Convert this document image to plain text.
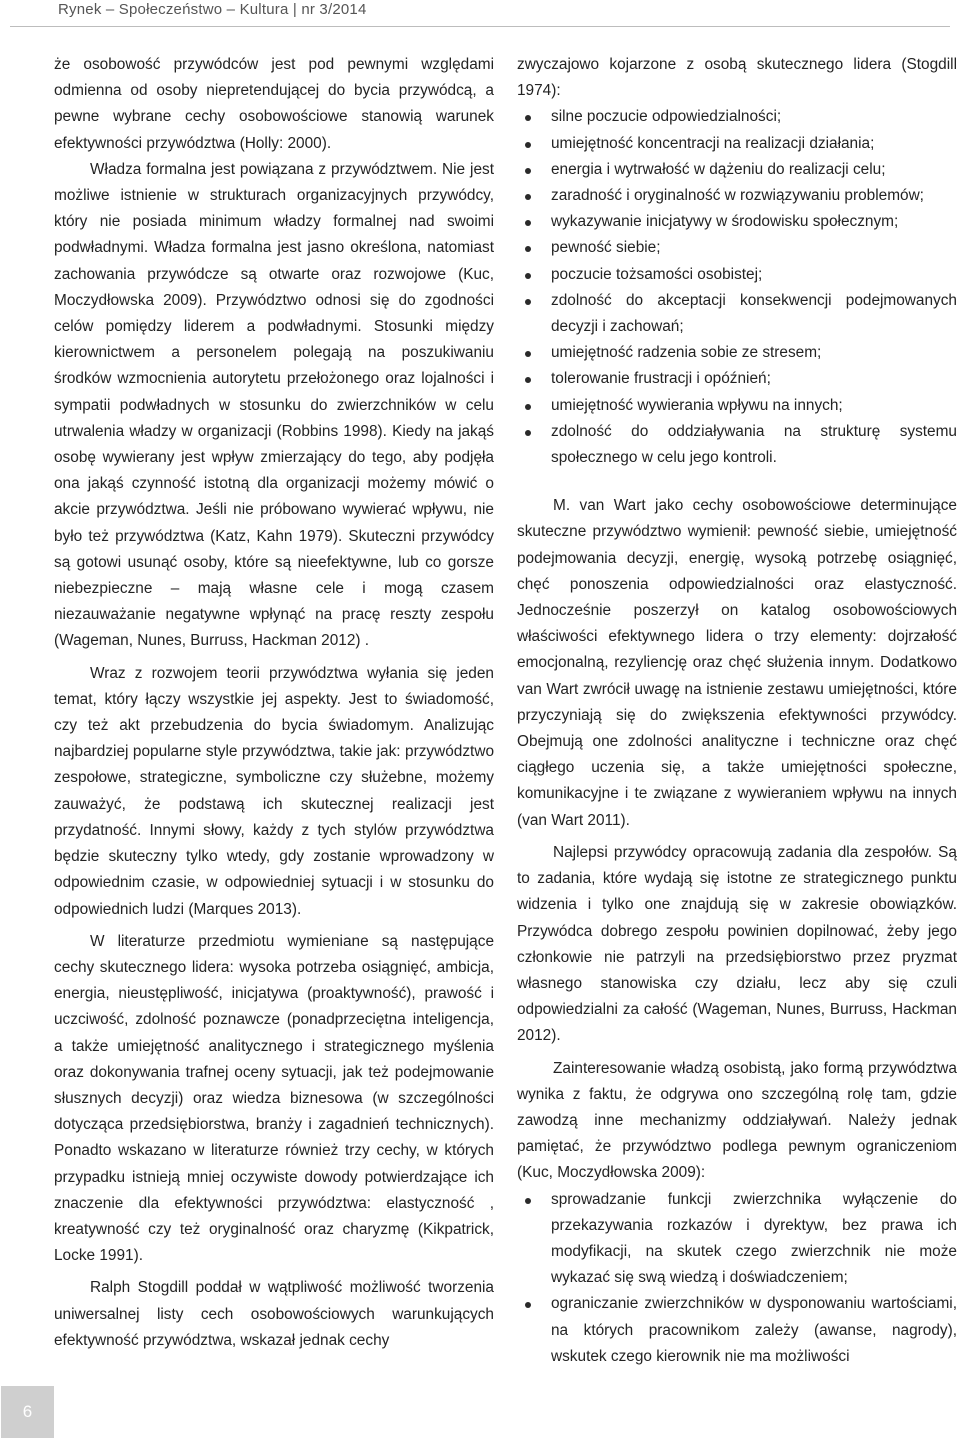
Rynek – Społeczeństwo – Kultura | nr 3/2014

że osobowość przywódców jest pod pewnymi względami odmienna od osoby niepretendującej do bycia przywódcą, a pewne wybrane cechy osobowościowe stanowią warunek efektywności przywództwa (Holly: 2000).

Władza formalna jest powiązana z przywództwem. Nie jest możliwe istnienie w strukturach organizacyjnych przywódcy, który nie posiada minimum władzy formalnej nad swoimi podwładnymi. Władza formalna jest jasno określona, natomiast zachowania przywódcze są otwarte oraz rozwojowe (Kuc, Moczydłowska 2009). Przywództwo odnosi się do zgodności celów pomiędzy liderem a podwładnymi. Stosunki między kierownictwem a personelem polegają na poszukiwaniu środków wzmocnienia autorytetu przełożonego oraz lojalności i sympatii podwładnych w stosunku do zwierzchników w celu utrwalenia władzy w organizacji (Robbins 1998). Kiedy na jakąś osobę wywierany jest wpływ zmierzający do tego, aby podjęła ona jakąś czynność istotną dla organizacji możemy mówić o akcie przywództwa. Jeśli nie próbowano wywierać wpływu, nie było też przywództwa (Katz, Kahn 1979). Skuteczni przywódcy są gotowi usunąć osoby, które są nieefektywne, lub co gorsze niebezpieczne – mają własne cele i mogą czasem niezauważanie negatywne wpłynąć na pracę reszty zespołu (Wageman, Nunes, Burruss, Hackman 2012) .

Wraz z rozwojem teorii przywództwa wyłania się jeden temat, który łączy wszystkie jej aspekty. Jest to świadomość, czy też akt przebudzenia do bycia świadomym. Analizując najbardziej popularne style przywództwa, takie jak: przywództwo zespołowe, strategiczne, symboliczne czy służebne, możemy zauważyć, że podstawą ich skutecznej realizacji jest przydatność. Innymi słowy, każdy z tych stylów przywództwa będzie skuteczny tylko wtedy, gdy zostanie wprowadzony w odpowiednim czasie, w odpowiedniej sytuacji i w stosunku do odpowiednich ludzi (Marques 2013).

W literaturze przedmiotu wymieniane są następujące cechy skutecznego lidera: wysoka potrzeba osiągnięć, ambicja, energia, nieustępliwość, inicjatywa (proaktywność), prawość i uczciwość, zdolność poznawcze (ponadprzeciętna inteligencja, a także umiejętność analitycznego i strategicznego myślenia oraz dokonywania trafnej oceny sytuacji, jak też podejmowanie słusznych decyzji) oraz wiedza biznesowa (w szczególności dotycząca przedsiębiorstwa, branży i zagadnień technicznych). Ponadto wskazano w literaturze również trzy cechy, w których przypadku istnieją mniej oczywiste dowody potwierdzające ich znaczenie dla efektywności przywództwa: elastyczność , kreatywność czy też oryginalność oraz charyzmę (Kikpatrick, Locke 1991).

Ralph Stogdill poddał w wątpliwość możliwość tworzenia uniwersalnej listy cech osobowościowych warunkujących efektywność przywództwa, wskazał jednak cechy

zwyczajowo kojarzone z osobą skutecznego lidera (Stogdill 1974):

silne poczucie odpowiedzialności;
umiejętność koncentracji na realizacji działania;
energia i wytrwałość w dążeniu do realizacji celu;
zaradność i oryginalność w rozwiązywaniu problemów;
wykazywanie inicjatywy w środowisku społecznym;
pewność siebie;
poczucie tożsamości osobistej;
zdolność do akceptacji konsekwencji podejmowanych decyzji i zachowań;
umiejętność radzenia sobie ze stresem;
tolerowanie frustracji i opóźnień;
umiejętność wywierania wpływu na innych;
zdolność do oddziaływania na strukturę systemu społecznego w celu jego kontroli.

M. van Wart jako cechy osobowościowe determinujące skuteczne przywództwo wymienił: pewność siebie, umiejętność podejmowania decyzji, energię, wysoką potrzebę osiągnięć, chęć ponoszenia odpowiedzialności oraz elastyczność. Jednocześnie poszerzył on katalog osobowościowych właściwości efektywnego lidera o trzy elementy: dojrzałość emocjonalną, rezyliencję oraz chęć służenia innym. Dodatkowo van Wart zwrócił uwagę na istnienie zestawu umiejętności, które przyczyniają się do zwiększenia efektywności przywódcy. Obejmują one zdolności analityczne i techniczne oraz chęć ciągłego uczenia się, a także umiejętności społeczne, komunikacyjne i te związane z wywieraniem wpływu na innych (van Wart 2011).

Najlepsi przywódcy opracowują zadania dla zespołów. Są to zadania, które wydają się istotne ze strategicznego punktu widzenia i tylko one znajdują się w zakresie obowiązków. Przywódca dobrego zespołu powinien dopilnować, żeby jego członkowie nie patrzyli na przedsiębiorstwo przez pryzmat własnego stanowiska czy działu, lecz aby się czuli odpowiedzialni za całość (Wageman, Nunes, Burruss, Hackman 2012).

Zainteresowanie władzą osobistą, jako formą przywództwa wynika z faktu, że odgrywa ono szczególną rolę tam, gdzie zawodzą inne mechanizmy oddziaływań. Należy jednak pamiętać, że przywództwo podlega pewnym ograniczeniom (Kuc, Moczydłowska 2009):

sprowadzanie funkcji zwierzchnika wyłączenie do przekazywania rozkazów i dyrektyw, bez prawa ich modyfikacji, na skutek czego zwierzchnik nie może wykazać się swą wiedzą i doświadczeniem;
ograniczanie zwierzchników w dysponowaniu wartościami, na których pracownikom zależy (awanse, nagrody), wskutek czego kierownik nie ma możliwości
6
